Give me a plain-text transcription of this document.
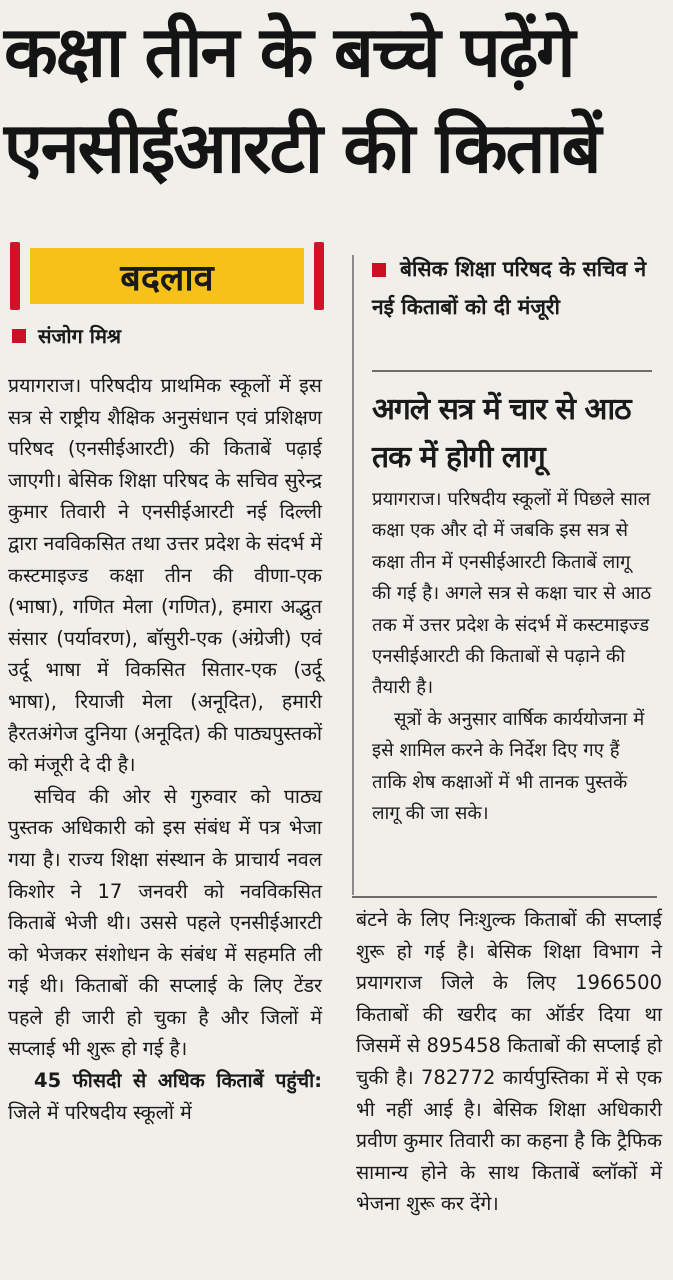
कक्षा तीन के बच्चे पढ़ेंगे
एनसीईआरटी की किताबें
बदलाव
संजोग मिश्र

प्रयागराज। परिषदीय प्राथमिक स्कूलों में इस सत्र से राष्ट्रीय शैक्षिक अनुसंधान एवं प्रशिक्षण परिषद (एनसीईआरटी) की किताबें पढ़ाई जाएगी। बेसिक शिक्षा परिषद के सचिव सुरेन्द्र कुमार तिवारी ने एनसीईआरटी नई दिल्ली द्वारा नवविकसित तथा उत्तर प्रदेश के संदर्भ में कस्टमाइज्ड कक्षा तीन की वीणा-एक (भाषा), गणित मेला (गणित), हमारा अद्भुत संसार (पर्यावरण), बॉसुरी-एक (अंग्रेजी) एवं उर्दू भाषा में विकसित सितार-एक (उर्दू भाषा), रियाजी मेला (अनूदित), हमारी हैरतअंगेज दुनिया (अनूदित) की पाठ्यपुस्तकों को मंजूरी दे दी है।

सचिव की ओर से गुरुवार को पाठ्य पुस्तक अधिकारी को इस संबंध में पत्र भेजा गया है। राज्य शिक्षा संस्थान के प्राचार्य नवल किशोर ने 17 जनवरी को नवविकसित किताबें भेजी थी। उससे पहले एनसीईआरटी को भेजकर संशोधन के संबंध में सहमति ली गई थी। किताबों की सप्लाई के लिए टेंडर पहले ही जारी हो चुका है और जिलों में सप्लाई भी शुरू हो गई है।

45 फीसदी से अधिक किताबें पहुंची: जिले में परिषदीय स्कूलों में

बेसिक शिक्षा परिषद के सचिव ने नई किताबों को दी मंजूरी
अगले सत्र में चार से आठ तक में होगी लागू

प्रयागराज। परिषदीय स्कूलों में पिछले साल कक्षा एक और दो में जबकि इस सत्र से कक्षा तीन में एनसीईआरटी किताबें लागू की गई है। अगले सत्र से कक्षा चार से आठ तक में उत्तर प्रदेश के संदर्भ में कस्टमाइज्ड एनसीईआरटी की किताबों से पढ़ाने की तैयारी है।

सूत्रों के अनुसार वार्षिक कार्ययोजना में इसे शामिल करने के निर्देश दिए गए हैं ताकि शेष कक्षाओं में भी तानक पुस्तकें लागू की जा सके।

बंटने के लिए निःशुल्क किताबों की सप्लाई शुरू हो गई है। बेसिक शिक्षा विभाग ने प्रयागराज जिले के लिए 1966500 किताबों की खरीद का ऑर्डर दिया था जिसमें से 895458 किताबों की सप्लाई हो चुकी है। 782772 कार्यपुस्तिका में से एक भी नहीं आई है। बेसिक शिक्षा अधिकारी प्रवीण कुमार तिवारी का कहना है कि ट्रैफिक सामान्य होने के साथ किताबें ब्लॉकों में भेजना शुरू कर देंगे।
